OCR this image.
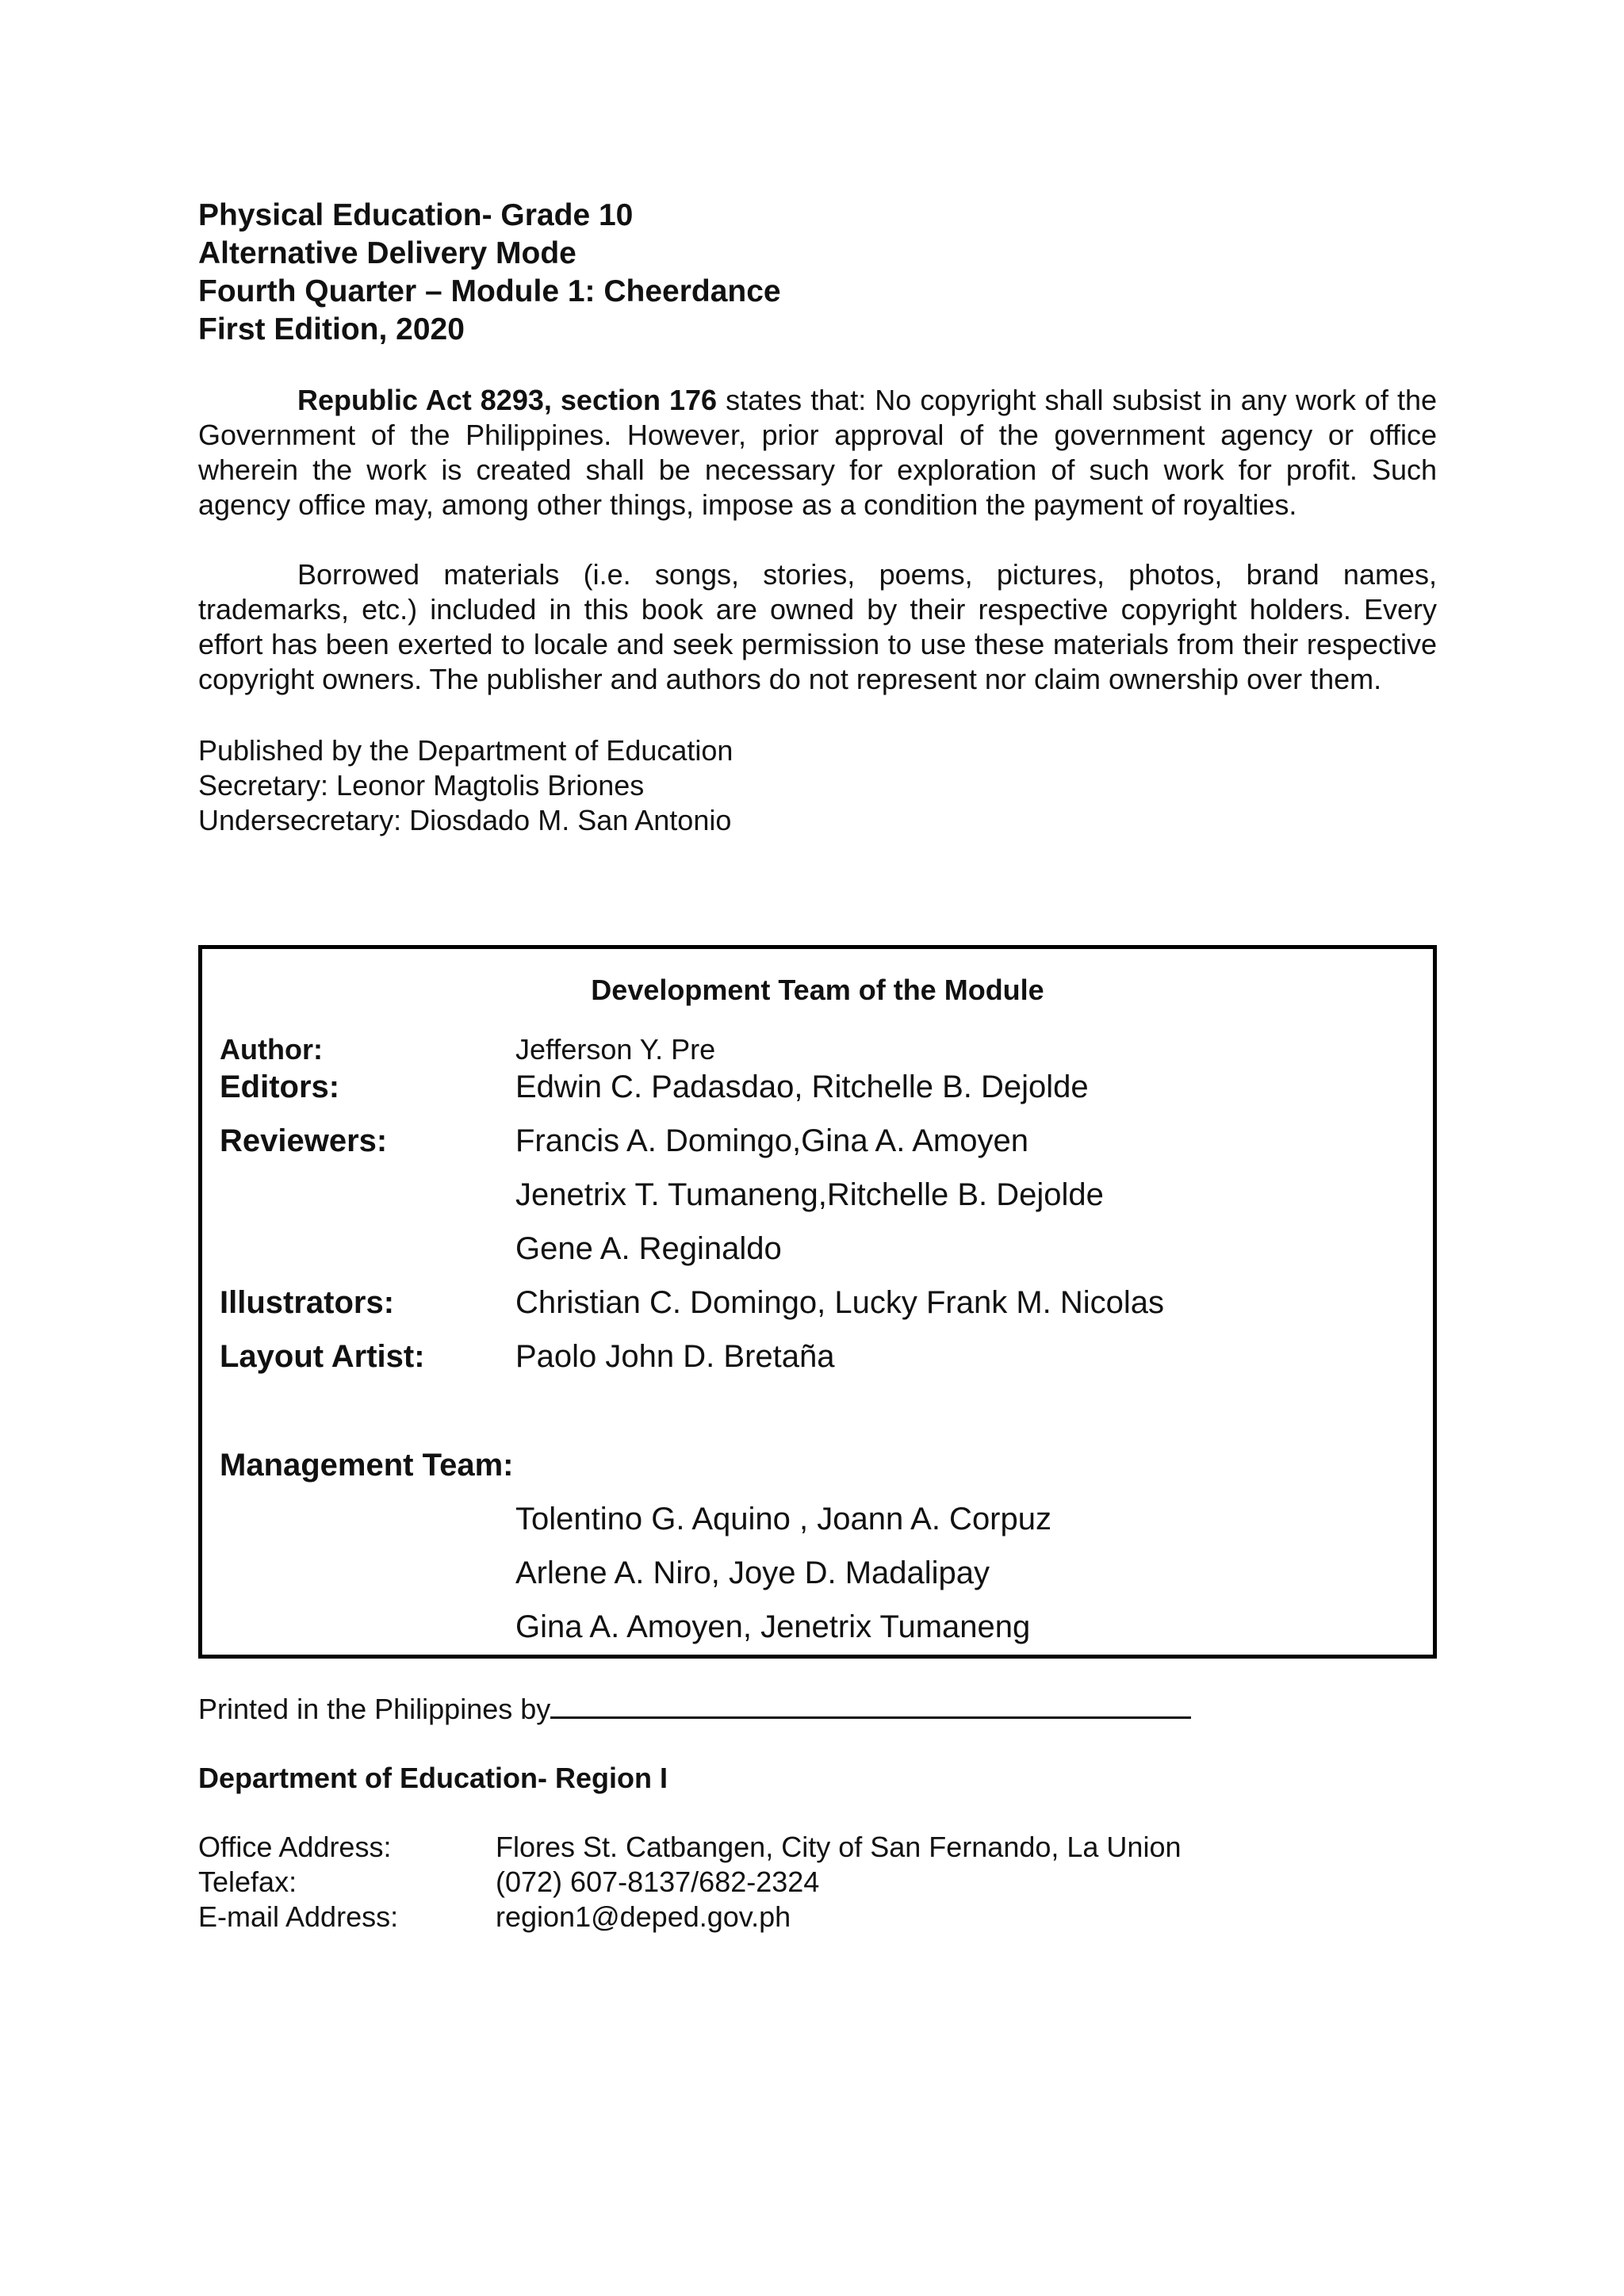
Physical Education- Grade 10
Alternative Delivery Mode
Fourth Quarter – Module 1: Cheerdance
First Edition, 2020

Republic Act 8293, section 176 states that: No copyright shall subsist in any work of the Government of the Philippines. However, prior approval of the government agency or office wherein the work is created shall be necessary for exploration of such work for profit. Such agency office may, among other things, impose as a condition the payment of royalties.

Borrowed materials (i.e. songs, stories, poems, pictures, photos, brand names, trademarks, etc.) included in this book are owned by their respective copyright holders. Every effort has been exerted to locale and seek permission to use these materials from their respective copyright owners. The publisher and authors do not represent nor claim ownership over them.

Published by the Department of Education
Secretary: Leonor Magtolis Briones
Undersecretary: Diosdado M. San Antonio
Development Team of the Module
Author:	Jefferson Y. Pre
Editors:	Edwin C. Padasdao, Ritchelle B. Dejolde
Reviewers:	Francis A. Domingo,Gina A. Amoyen
Jenetrix T. Tumaneng,Ritchelle B. Dejolde
Gene A. Reginaldo
Illustrators:	Christian C. Domingo, Lucky Frank M. Nicolas
Layout Artist:	Paolo John D. Bretaña
Management Team:
Tolentino G. Aquino , Joann A. Corpuz
Arlene A. Niro, Joye D. Madalipay
Gina A. Amoyen, Jenetrix Tumaneng
Printed in the Philippines by
Department of Education- Region I
Office Address:	Flores St. Catbangen, City of San Fernando, La Union
Telefax:	(072) 607-8137/682-2324
E-mail Address:	region1@deped.gov.ph
